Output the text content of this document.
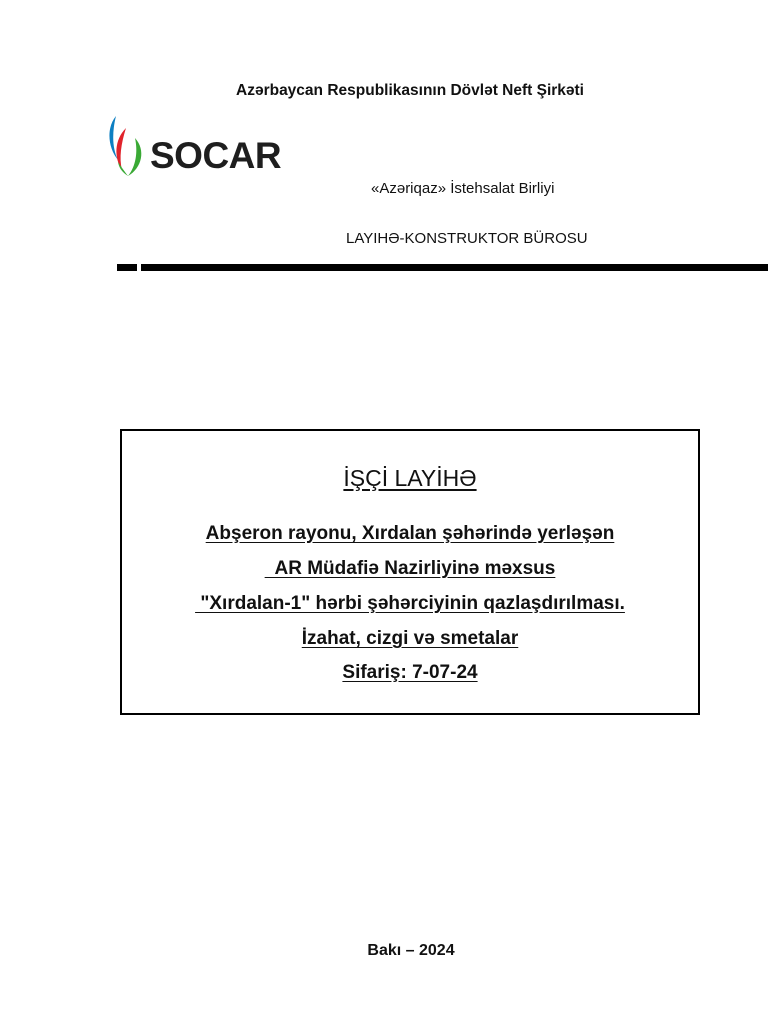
Azərbaycan Respublikasının Dövlət Neft Şirkəti
SOCAR
«Azəriqaz» İstehsalat Birliyi
LAYIHƏ-KONSTRUKTOR BÜROSU
İŞÇİ LAYİHƏ
Abşeron rayonu, Xırdalan şəhərində yerləşən
AR Müdafiə Nazirliyinə məxsus
"Xırdalan-1" hərbi şəhərciyinin qazlaşdırılması.
İzahat, cizgi və smetalar
Sifariş: 7-07-24
Bakı – 2024
